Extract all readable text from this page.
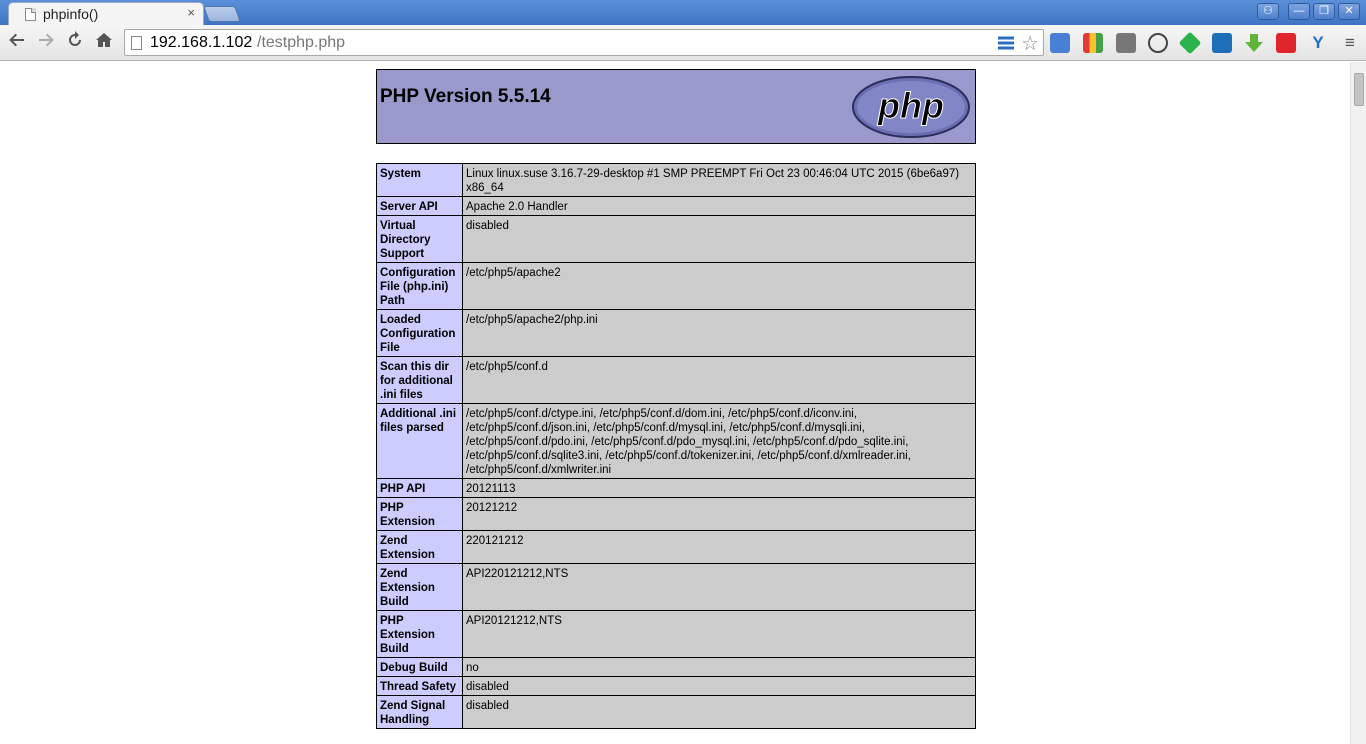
phpinfo()	×	⚇	—	❐	✕
192.168.1.102 /testphp.php	☆	Y ≡
PHP Version 5.5.14	php
System	Linux linux.suse 3.16.7-29-desktop #1 SMP PREEMPT Fri Oct 23 00:46:04 UTC 2015 (6be6a97) x86_64
Server API	Apache 2.0 Handler
Virtual Directory Support	disabled
Configuration File (php.ini) Path	/etc/php5/apache2
Loaded Configuration File	/etc/php5/apache2/php.ini
Scan this dir for additional .ini files	/etc/php5/conf.d
Additional .ini files parsed	/etc/php5/conf.d/ctype.ini, /etc/php5/conf.d/dom.ini, /etc/php5/conf.d/iconv.ini, /etc/php5/conf.d/json.ini, /etc/php5/conf.d/mysql.ini, /etc/php5/conf.d/mysqli.ini, /etc/php5/conf.d/pdo.ini, /etc/php5/conf.d/pdo_mysql.ini, /etc/php5/conf.d/pdo_sqlite.ini, /etc/php5/conf.d/sqlite3.ini, /etc/php5/conf.d/tokenizer.ini, /etc/php5/conf.d/xmlreader.ini, /etc/php5/conf.d/xmlwriter.ini
PHP API	20121113
PHP Extension	20121212
Zend Extension	220121212
Zend Extension Build	API220121212,NTS
PHP Extension Build	API20121212,NTS
Debug Build	no
Thread Safety	disabled
Zend Signal Handling	disabled
